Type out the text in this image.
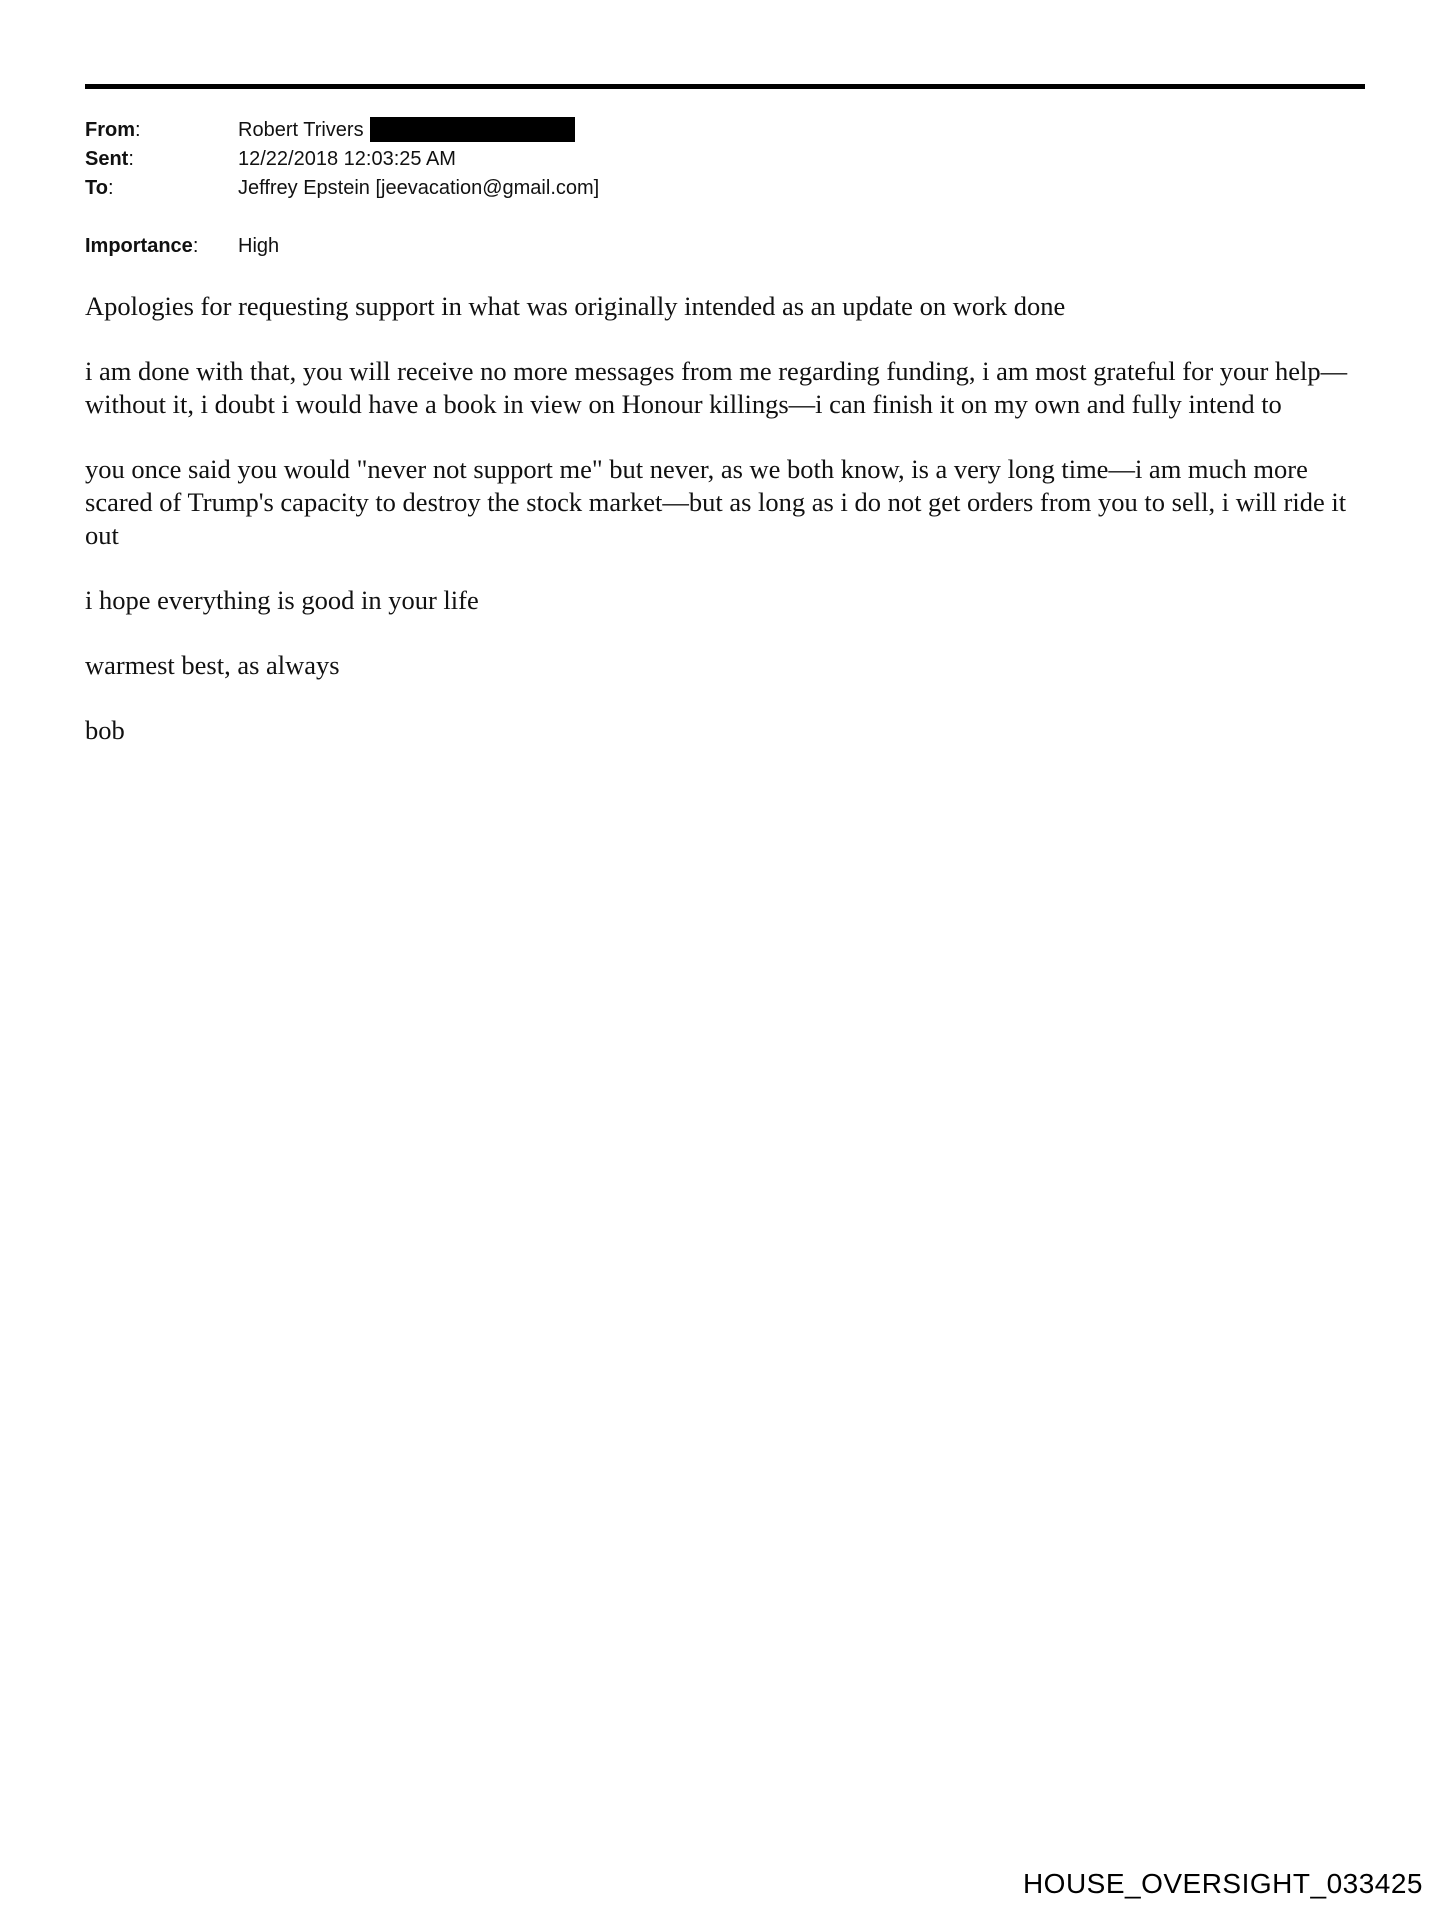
From:	Robert Trivers
Sent:	12/22/2018 12:03:25 AM
To:	Jeffrey Epstein [jeevacation@gmail.com]
Importance: High

Apologies for requesting support in what was originally intended as an update on work done

i am done with that, you will receive no more messages from me regarding funding, i am most grateful for your help—without it, i doubt i would have a book in view on Honour killings—i can finish it on my own and fully intend to

you once said you would "never not support me" but never, as we both know, is a very long time—i am much more scared of Trump's capacity to destroy the stock market—but as long as i do not get orders from you to sell, i will ride it out

i hope everything is good in your life

warmest best, as always

bob

HOUSE_OVERSIGHT_033425
